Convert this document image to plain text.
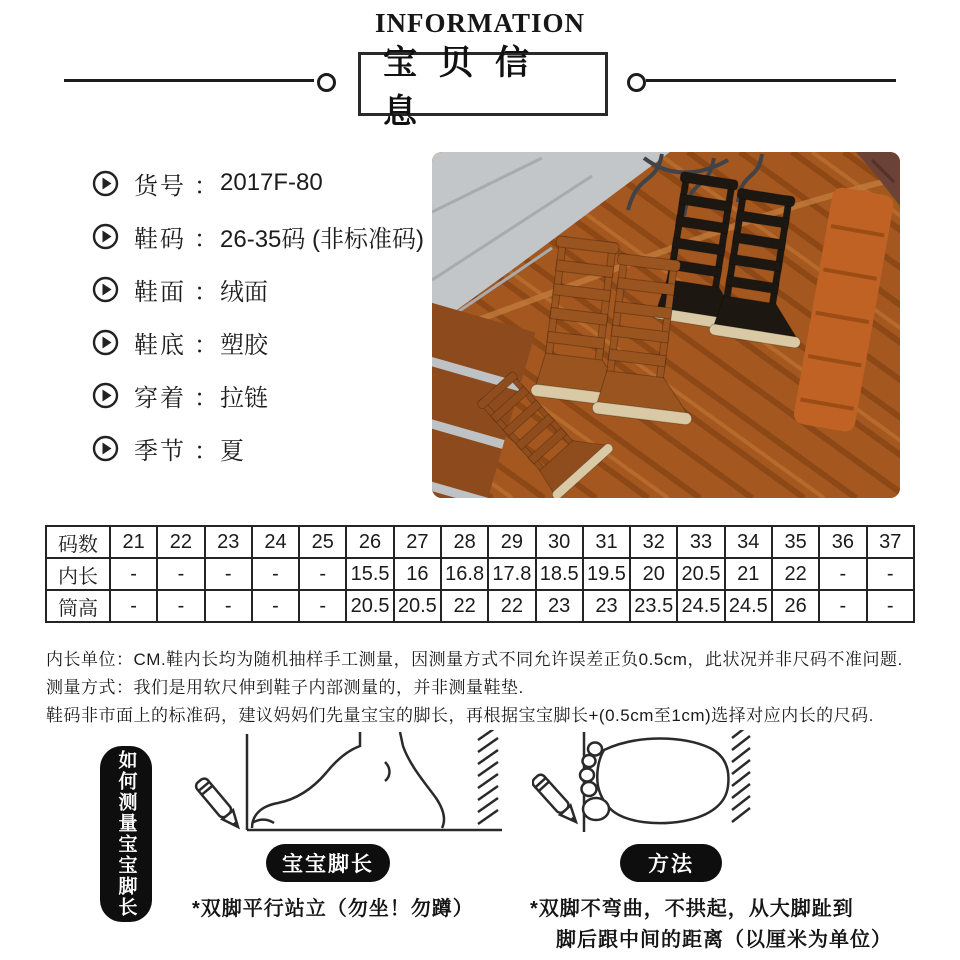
INFORMATION
宝贝信息
货号 ： 2017F-80
鞋码 ： 26-35码 (非标准码)
鞋面 ： 绒面
鞋底 ： 塑胶
穿着 ： 拉链
季节 ： 夏
码数	21	22	23	24	25	26	27	28	29	30	31	32	33	34	35	36	37
内长	-	-	-	-	-	15.5	16	16.8	17.8	18.5	19.5	20	20.5	21	22	-	-
筒高	-	-	-	-	-	20.5	20.5	22	22	23	23	23.5	24.5	24.5	26	-	-
内长单位：CM.鞋内长均为随机抽样手工测量，因测量方式不同允许误差正负0.5cm，此状况并非尺码不准问题.
测量方式：我们是用软尺伸到鞋子内部测量的，并非测量鞋垫.
鞋码非市面上的标准码，建议妈妈们先量宝宝的脚长，再根据宝宝脚长+(0.5cm至1cm)选择对应内长的尺码.
如何测量宝宝脚长	宝宝脚长
*双脚平行站立（勿坐！勿蹲）
方法
*双脚不弯曲，不拱起，从大脚趾到
脚后跟中间的距离（以厘米为单位）
